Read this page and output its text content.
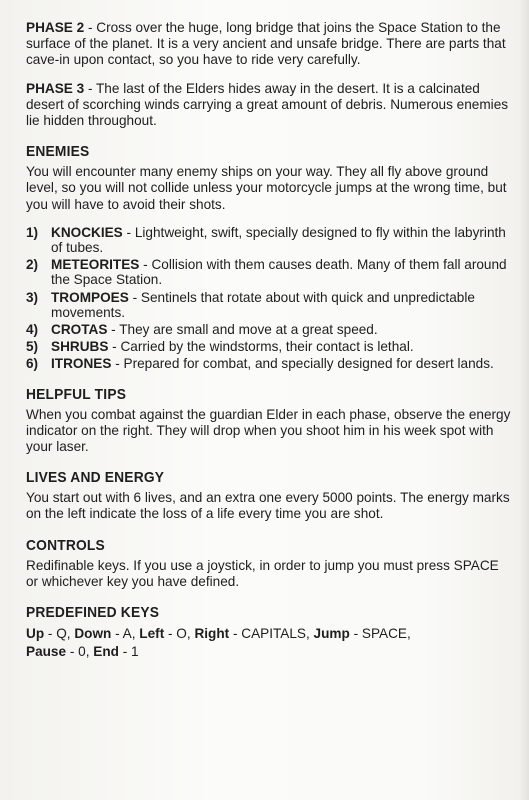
PHASE 2 - Cross over the huge, long bridge that joins the Space Station to the surface of the planet. It is a very ancient and unsafe bridge. There are parts that cave-in upon contact, so you have to ride very carefully.

PHASE 3 - The last of the Elders hides away in the desert. It is a calcinated desert of scorching winds carrying a great amount of debris. Numerous enemies lie hidden throughout.

ENEMIES

You will encounter many enemy ships on your way. They all fly above ground level, so you will not collide unless your motorcycle jumps at the wrong time, but you will have to avoid their shots.

1) KNOCKIES - Lightweight, swift, specially designed to fly within the labyrinth of tubes.
2) METEORITES - Collision with them causes death. Many of them fall around the Space Station.
3) TROMPOES - Sentinels that rotate about with quick and unpredictable movements.
4) CROTAS - They are small and move at a great speed.
5) SHRUBS - Carried by the windstorms, their contact is lethal.
6) ITRONES - Prepared for combat, and specially designed for desert lands.
HELPFUL TIPS

When you combat against the guardian Elder in each phase, observe the energy indicator on the right. They will drop when you shoot him in his week spot with your laser.

LIVES AND ENERGY

You start out with 6 lives, and an extra one every 5000 points. The energy marks on the left indicate the loss of a life every time you are shot.

CONTROLS

Redifinable keys. If you use a joystick, in order to jump you must press SPACE or whichever key you have defined.

PREDEFINED KEYS

Up - Q, Down - A, Left - O, Right - CAPITALS, Jump - SPACE,
Pause - 0, End - 1
